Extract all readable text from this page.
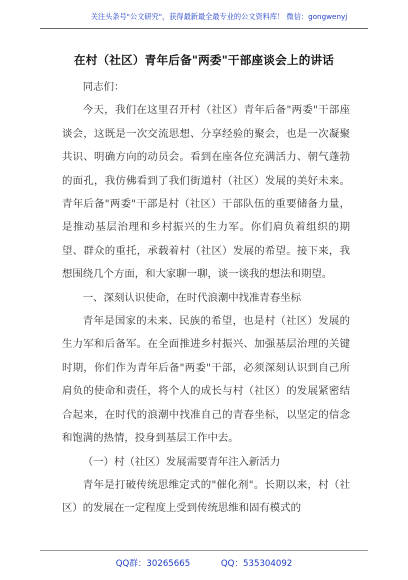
关注头条号"公文研究"，获得最新最全最专业的公文资料库！ 微信：gongwenyj
在村（社区）青年后备"两委"干部座谈会上的讲话

同志们：

今天，我们在这里召开村（社区）青年后备"两委"干部座谈会，这既是一次交流思想、分享经验的聚会，也是一次凝聚共识、明确方向的动员会。看到在座各位充满活力、朝气蓬勃的面孔，我仿佛看到了我们街道村（社区）发展的美好未来。青年后备"两委"干部是村（社区）干部队伍的重要储备力量，是推动基层治理和乡村振兴的生力军。你们肩负着组织的期望、群众的重托，承载着村（社区）发展的希望。接下来，我想围绕几个方面，和大家聊一聊，谈一谈我的想法和期望。

一、深刻认识使命，在时代浪潮中找准青春坐标

青年是国家的未来、民族的希望，也是村（社区）发展的生力军和后备军。在全面推进乡村振兴、加强基层治理的关键时期，你们作为青年后备"两委"干部，必须深刻认识到自己所肩负的使命和责任，将个人的成长与村（社区）的发展紧密结合起来，在时代的浪潮中找准自己的青春坐标，以坚定的信念和饱满的热情，投身到基层工作中去。

（一）村（社区）发展需要青年注入新活力

青年是打破传统思维定式的"催化剂"。长期以来，村（社区）的发展在一定程度上受到传统思维和固有模式的

QQ群：30265665	QQ：535304092
